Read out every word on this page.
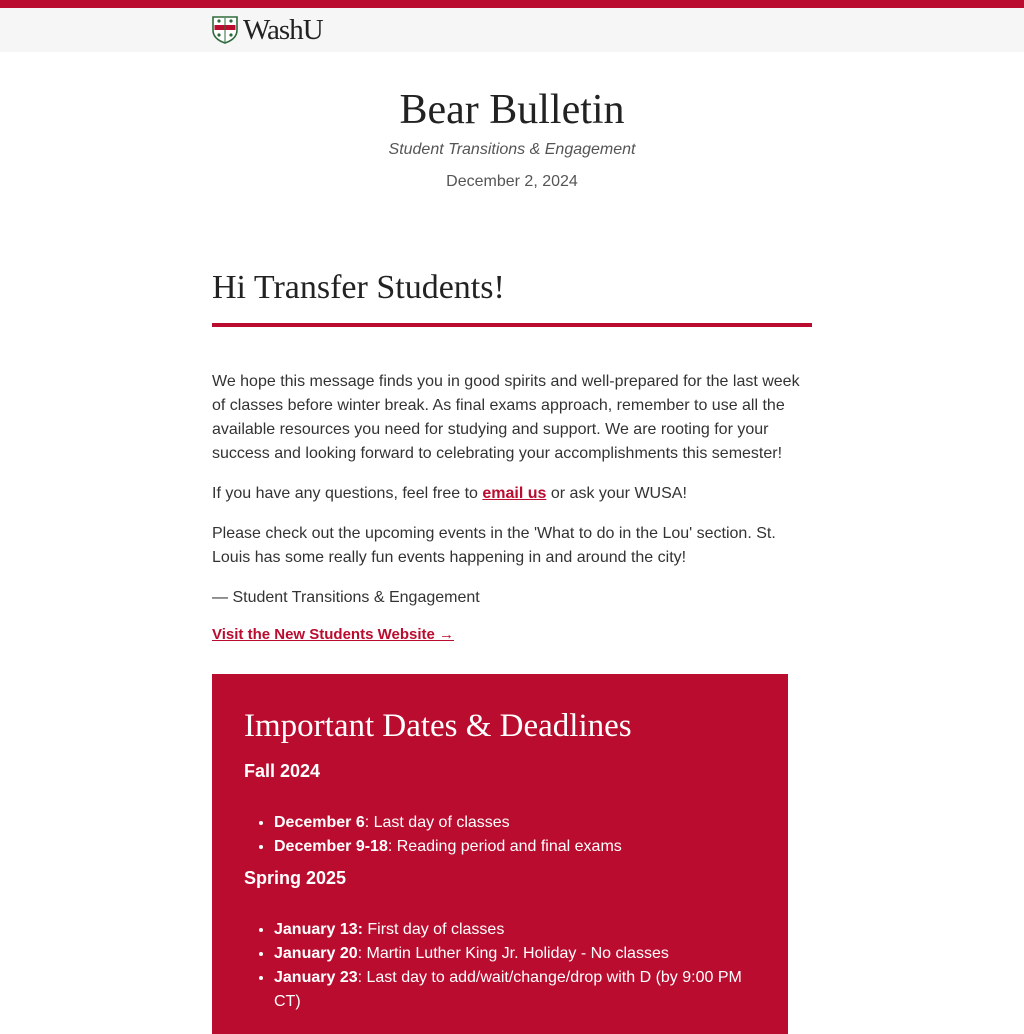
WashU
Bear Bulletin
Student Transitions & Engagement
December 2, 2024
Hi Transfer Students!

We hope this message finds you in good spirits and well-prepared for the last week of classes before winter break. As final exams approach, remember to use all the available resources you need for studying and support. We are rooting for your success and looking forward to celebrating your accomplishments this semester!

If you have any questions, feel free to email us or ask your WUSA!

Please check out the upcoming events in the 'What to do in the Lou' section. St. Louis has some really fun events happening in and around the city!

— Student Transitions & Engagement

Visit the New Students Website →
Important Dates & Deadlines
Fall 2024
• December 6: Last day of classes
• December 9-18: Reading period and final exams
Spring 2025
• January 13: First day of classes
• January 20: Martin Luther King Jr. Holiday - No classes
• January 23: Last day to add/wait/change/drop with D (by 9:00 PM CT)
